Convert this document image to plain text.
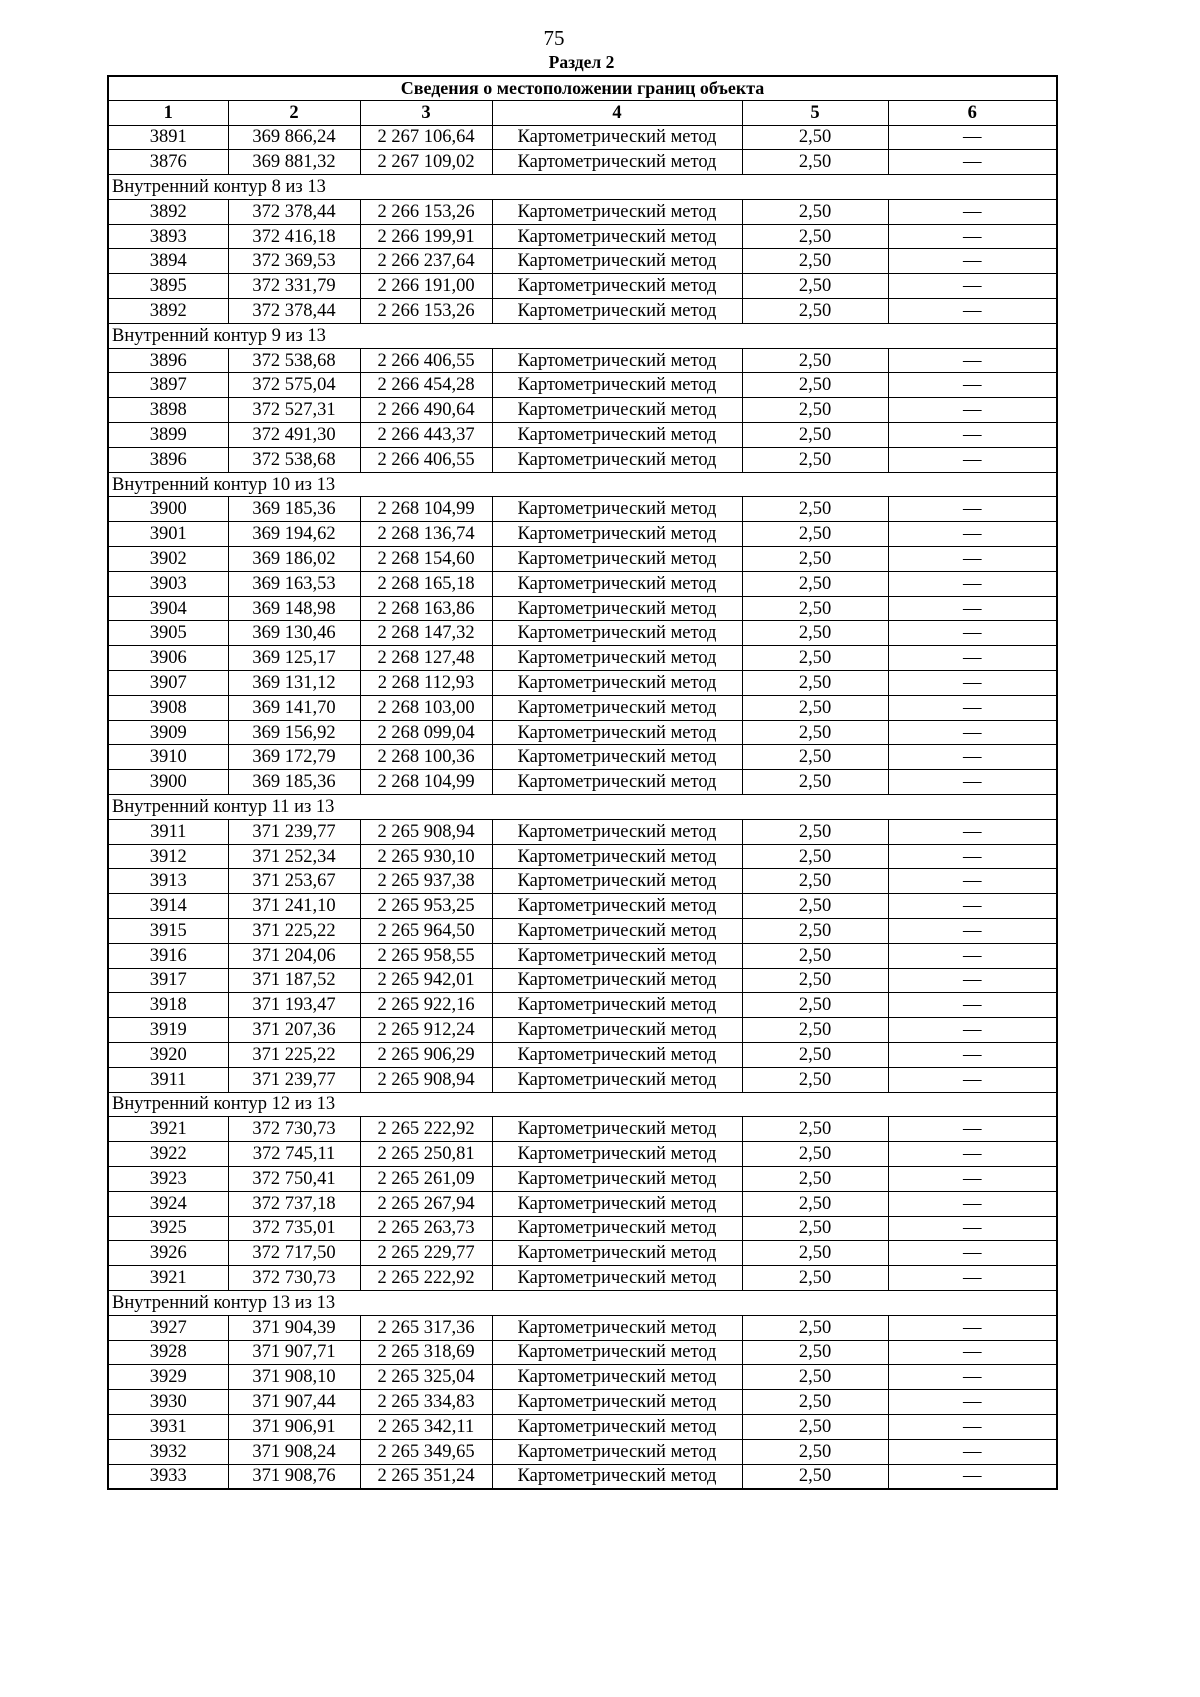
75
Раздел 2
Сведения о местоположении границ объекта					
1	2	3	4	5	6
3891	369 866,24	2 267 106,64	Картометрический метод	2,50	—
3876	369 881,32	2 267 109,02	Картометрический метод	2,50	—
Внутренний контур 8 из 13					
3892	372 378,44	2 266 153,26	Картометрический метод	2,50	—
3893	372 416,18	2 266 199,91	Картометрический метод	2,50	—
3894	372 369,53	2 266 237,64	Картометрический метод	2,50	—
3895	372 331,79	2 266 191,00	Картометрический метод	2,50	—
3892	372 378,44	2 266 153,26	Картометрический метод	2,50	—
Внутренний контур 9 из 13					
3896	372 538,68	2 266 406,55	Картометрический метод	2,50	—
3897	372 575,04	2 266 454,28	Картометрический метод	2,50	—
3898	372 527,31	2 266 490,64	Картометрический метод	2,50	—
3899	372 491,30	2 266 443,37	Картометрический метод	2,50	—
3896	372 538,68	2 266 406,55	Картометрический метод	2,50	—
Внутренний контур 10 из 13					
3900	369 185,36	2 268 104,99	Картометрический метод	2,50	—
3901	369 194,62	2 268 136,74	Картометрический метод	2,50	—
3902	369 186,02	2 268 154,60	Картометрический метод	2,50	—
3903	369 163,53	2 268 165,18	Картометрический метод	2,50	—
3904	369 148,98	2 268 163,86	Картометрический метод	2,50	—
3905	369 130,46	2 268 147,32	Картометрический метод	2,50	—
3906	369 125,17	2 268 127,48	Картометрический метод	2,50	—
3907	369 131,12	2 268 112,93	Картометрический метод	2,50	—
3908	369 141,70	2 268 103,00	Картометрический метод	2,50	—
3909	369 156,92	2 268 099,04	Картометрический метод	2,50	—
3910	369 172,79	2 268 100,36	Картометрический метод	2,50	—
3900	369 185,36	2 268 104,99	Картометрический метод	2,50	—
Внутренний контур 11 из 13					
3911	371 239,77	2 265 908,94	Картометрический метод	2,50	—
3912	371 252,34	2 265 930,10	Картометрический метод	2,50	—
3913	371 253,67	2 265 937,38	Картометрический метод	2,50	—
3914	371 241,10	2 265 953,25	Картометрический метод	2,50	—
3915	371 225,22	2 265 964,50	Картометрический метод	2,50	—
3916	371 204,06	2 265 958,55	Картометрический метод	2,50	—
3917	371 187,52	2 265 942,01	Картометрический метод	2,50	—
3918	371 193,47	2 265 922,16	Картометрический метод	2,50	—
3919	371 207,36	2 265 912,24	Картометрический метод	2,50	—
3920	371 225,22	2 265 906,29	Картометрический метод	2,50	—
3911	371 239,77	2 265 908,94	Картометрический метод	2,50	—
Внутренний контур 12 из 13					
3921	372 730,73	2 265 222,92	Картометрический метод	2,50	—
3922	372 745,11	2 265 250,81	Картометрический метод	2,50	—
3923	372 750,41	2 265 261,09	Картометрический метод	2,50	—
3924	372 737,18	2 265 267,94	Картометрический метод	2,50	—
3925	372 735,01	2 265 263,73	Картометрический метод	2,50	—
3926	372 717,50	2 265 229,77	Картометрический метод	2,50	—
3921	372 730,73	2 265 222,92	Картометрический метод	2,50	—
Внутренний контур 13 из 13					
3927	371 904,39	2 265 317,36	Картометрический метод	2,50	—
3928	371 907,71	2 265 318,69	Картометрический метод	2,50	—
3929	371 908,10	2 265 325,04	Картометрический метод	2,50	—
3930	371 907,44	2 265 334,83	Картометрический метод	2,50	—
3931	371 906,91	2 265 342,11	Картометрический метод	2,50	—
3932	371 908,24	2 265 349,65	Картометрический метод	2,50	—
3933	371 908,76	2 265 351,24	Картометрический метод	2,50	—
